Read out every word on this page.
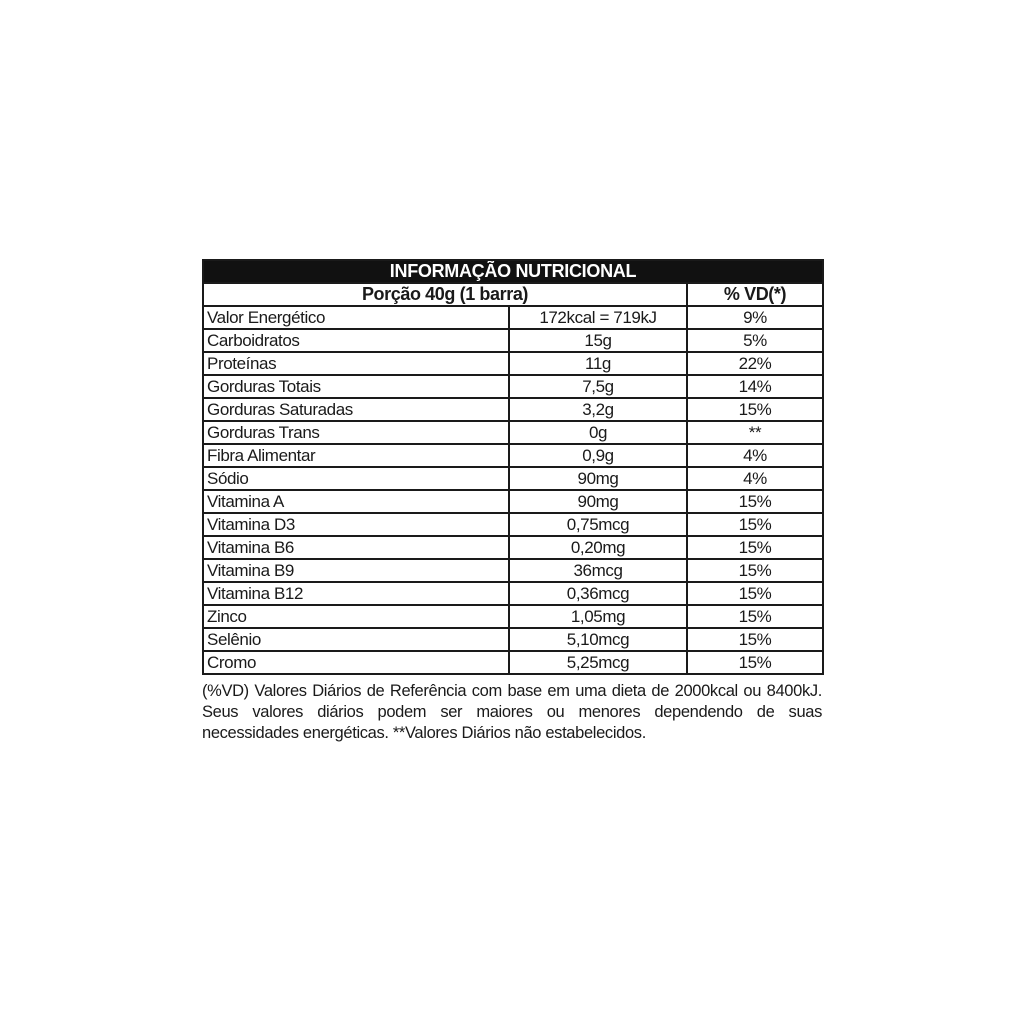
INFORMAÇÃO NUTRICIONAL		
Porção 40g (1 barra)		% VD(*)
Valor Energético	172kcal = 719kJ	9%
Carboidratos	15g	5%
Proteínas	11g	22%
Gorduras Totais	7,5g	14%
Gorduras Saturadas	3,2g	15%
Gorduras Trans	0g	**
Fibra Alimentar	0,9g	4%
Sódio	90mg	4%
Vitamina A	90mg	15%
Vitamina D3	0,75mcg	15%
Vitamina B6	0,20mg	15%
Vitamina B9	36mcg	15%
Vitamina B12	0,36mcg	15%
Zinco	1,05mg	15%
Selênio	5,10mcg	15%
Cromo	5,25mcg	15%
(%VD) Valores Diários de Referência com base em uma dieta de 2000kcal ou 8400kJ. Seus valores diários podem ser maiores ou menores dependendo de suas necessidades energéticas. **Valores Diários não estabelecidos.
